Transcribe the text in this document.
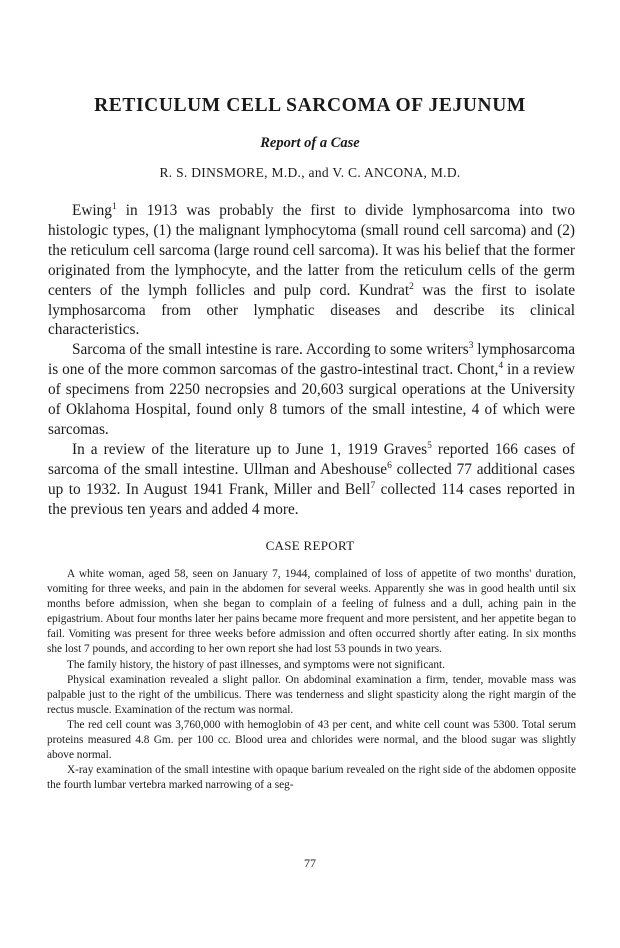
RETICULUM CELL SARCOMA OF JEJUNUM
Report of a Case
R. S. DINSMORE, M.D., and V. C. ANCONA, M.D.

Ewing$^1$ in 1913 was probably the first to divide lymphosarcoma into two histologic types, (1) the malignant lymphocytoma (small round cell sarcoma) and (2) the reticulum cell sarcoma (large round cell sarcoma). It was his belief that the former originated from the lymphocyte, and the latter from the reticulum cells of the germ centers of the lymph follicles and pulp cord. Kundrat$^2$ was the first to isolate lymphosarcoma from other lymphatic diseases and describe its clinical characteristics.

Sarcoma of the small intestine is rare. According to some writers$^3$ lymphosarcoma is one of the more common sarcomas of the gastro-intestinal tract. Chont,$^4$ in a review of specimens from 2250 necropsies and 20,603 surgical operations at the University of Oklahoma Hospital, found only 8 tumors of the small intestine, 4 of which were sarcomas.

In a review of the literature up to June 1, 1919 Graves$^5$ reported 166 cases of sarcoma of the small intestine. Ullman and Abeshouse$^6$ collected 77 additional cases up to 1932. In August 1941 Frank, Miller and Bell$^7$ collected 114 cases reported in the previous ten years and added 4 more.

CASE REPORT

A white woman, aged 58, seen on January 7, 1944, complained of loss of appetite of two months' duration, vomiting for three weeks, and pain in the abdomen for several weeks. Apparently she was in good health until six months before admission, when she began to complain of a feeling of fulness and a dull, aching pain in the epigastrium. About four months later her pains became more frequent and more persistent, and her appetite began to fail. Vomiting was present for three weeks before admission and often occurred shortly after eating. In six months she lost 7 pounds, and according to her own report she had lost 53 pounds in two years.

The family history, the history of past illnesses, and symptoms were not significant.

Physical examination revealed a slight pallor. On abdominal examination a firm, tender, movable mass was palpable just to the right of the umbilicus. There was tenderness and slight spasticity along the right margin of the rectus muscle. Examination of the rectum was normal.

The red cell count was 3,760,000 with hemoglobin of 43 per cent, and white cell count was 5300. Total serum proteins measured 4.8 Gm. per 100 cc. Blood urea and chlorides were normal, and the blood sugar was slightly above normal.

X-ray examination of the small intestine with opaque barium revealed on the right side of the abdomen opposite the fourth lumbar vertebra marked narrowing of a seg-

77
